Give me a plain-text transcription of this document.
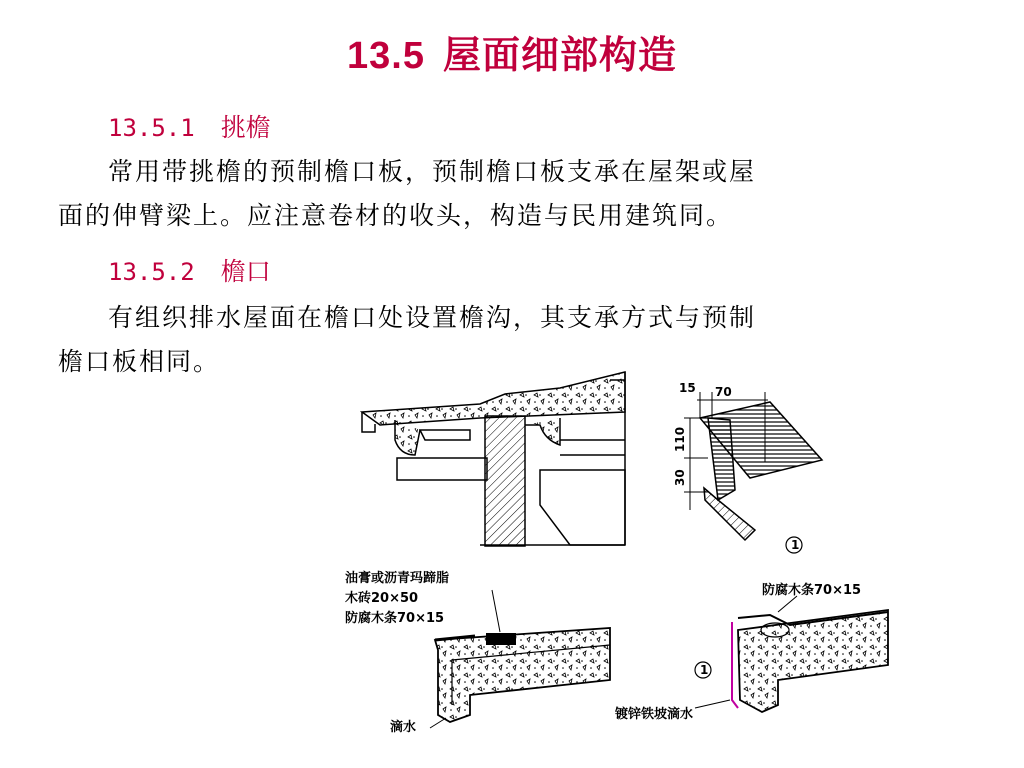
13.5 屋面细部构造
13.5.1 挑檐
常用带挑檐的预制檐口板，预制檐口板支承在屋架或屋
面的伸臂梁上。应注意卷材的收头，构造与民用建筑同。
13.5.2 檐口
有组织排水屋面在檐口处设置檐沟，其支承方式与预制
檐口板相同。
15 70
110
30
1
油膏或沥青玛蹄脂
木砖20×50
防腐木条70×15
滴水
1
防腐木条70×15
镀锌铁坡滴水
